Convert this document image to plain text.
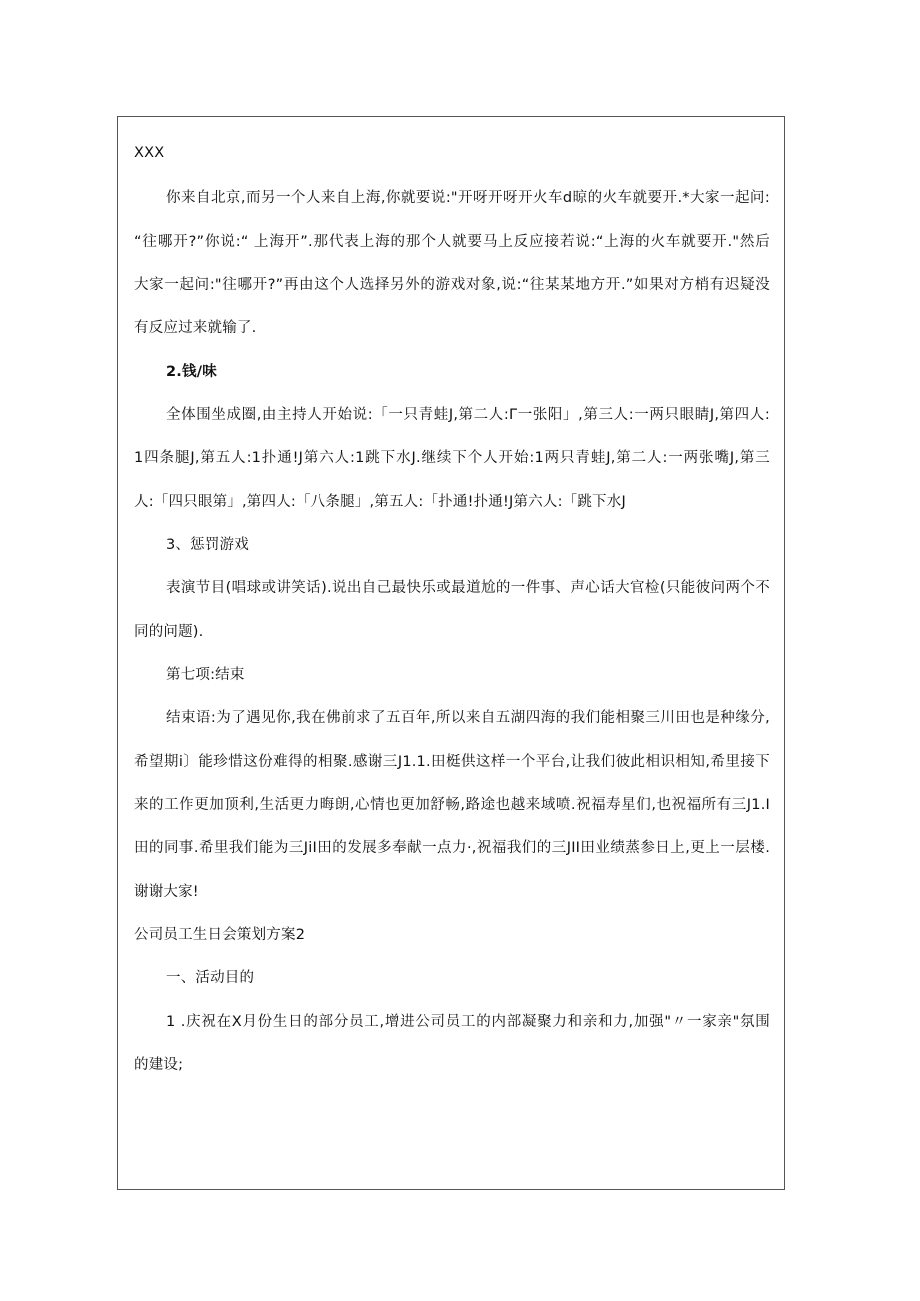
XXX
你来自北京,而另一个人来自上海,你就要说:"开呀开呀开火车d晾的火车就要开.*大家一起问:
“往哪开?”你说:“ 上海开”.那代表上海的那个人就要马上反应接若说:“上海的火车就要开."然后
大家一起问:"往哪开?”再由这个人选择另外的游戏对象,说:“往某某地方开.”如果对方梢有迟疑没
有反应过来就输了.
2.钱/味
全体围坐成圈,由主持人开始说:「一只青蛙J,第二人:Γ一张阳」,第三人:一两只眼睛J,第四人:
1四条腿J,第五人:1扑通!J第六人:1跳下水J.继续下个人开始:1两只青蛙J,第二人:一两张嘴J,第三
人:「四只眼第」,第四人:「八条腿」,第五人:「扑通!扑通!J第六人:「跳下水J
3、惩罚游戏
表演节目(唱球或讲笑话).说出自己最快乐或最道尬的一件事、声心话大官检(只能彼问两个不
同的问题).
第七项:结束
结束语:为了遇见你,我在佛前求了五百年,所以来自五湖四海的我们能相聚三川田也是种缘分,
希望期i〕能珍惜这份难得的相聚.感谢三J1.1.田梃供这样一个平台,让我们彼此相识相知,希里接下
来的工作更加顶利,生活更力晦朗,心情也更加舒畅,路途也越来域喷.祝福寿星们,也祝福所有三J1.I
田的同事.希里我们能为三JiI田的发展多奉献一点力·,祝福我们的三JII田业绩蒸参日上,更上一层楼.
谢谢大家!
公司员工生日会策划方案2
一、活动目的
1 .庆祝在X月份生日的部分员工,增进公司员工的内部凝聚力和亲和力,加强"〃一家亲"氛围
的建设;
